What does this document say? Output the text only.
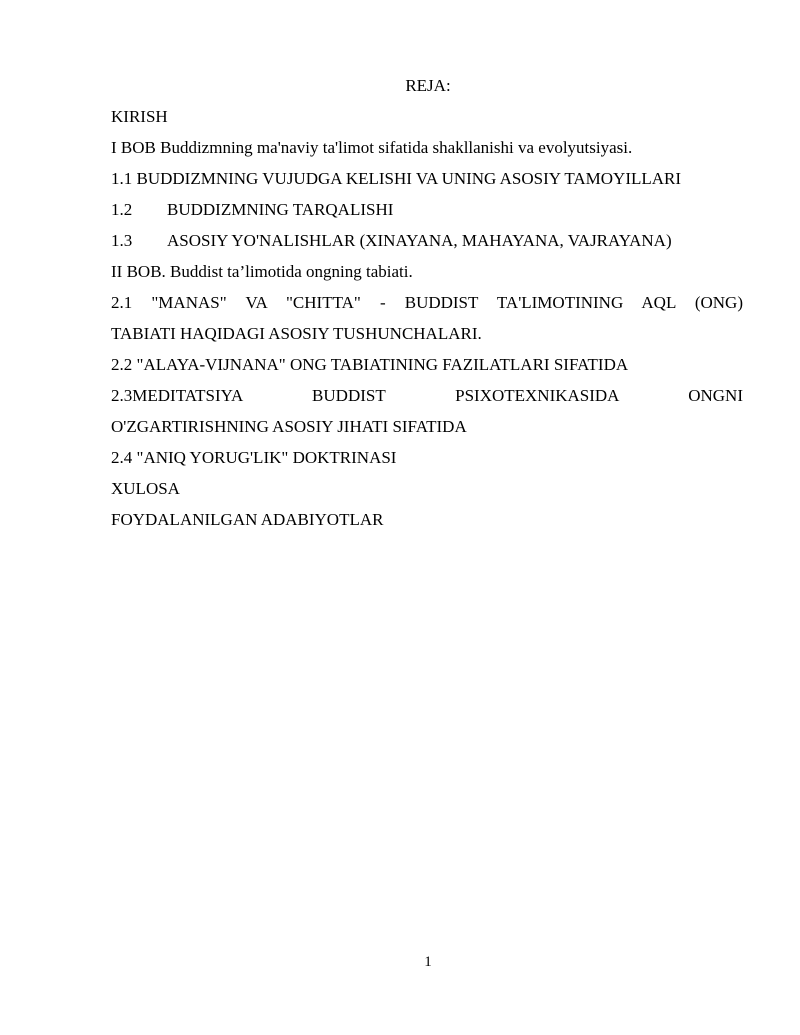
REJA:
KIRISH
I BOB Buddizmning ma'naviy ta'limot sifatida shakllanishi va evolyutsiyasi.
1.1 BUDDIZMNING VUJUDGA KELISHI VA UNING ASOSIY TAMOYILLARI
1.2 BUDDIZMNING TARQALISHI
1.3 ASOSIY YO'NALISHLAR (XINAYANA, MAHAYANA, VAJRAYANA)
II BOB. Buddist ta’limotida ongning tabiati.
2.1 "MANAS" VA "CHITTA" - BUDDIST TA'LIMOTINING AQL (ONG)
TABIATI HAQIDAGI ASOSIY TUSHUNCHALARI.
2.2 "ALAYA-VIJNANA" ONG TABIATINING FAZILATLARI SIFATIDA
2.3MEDITATSIYA BUDDIST PSIXOTEXNIKASIDA ONGNI
O'ZGARTIRISHNING ASOSIY JIHATI SIFATIDA
2.4 "ANIQ YORUG'LIK" DOKTRINASI
XULOSA
FOYDALANILGAN ADABIYOTLAR
1
